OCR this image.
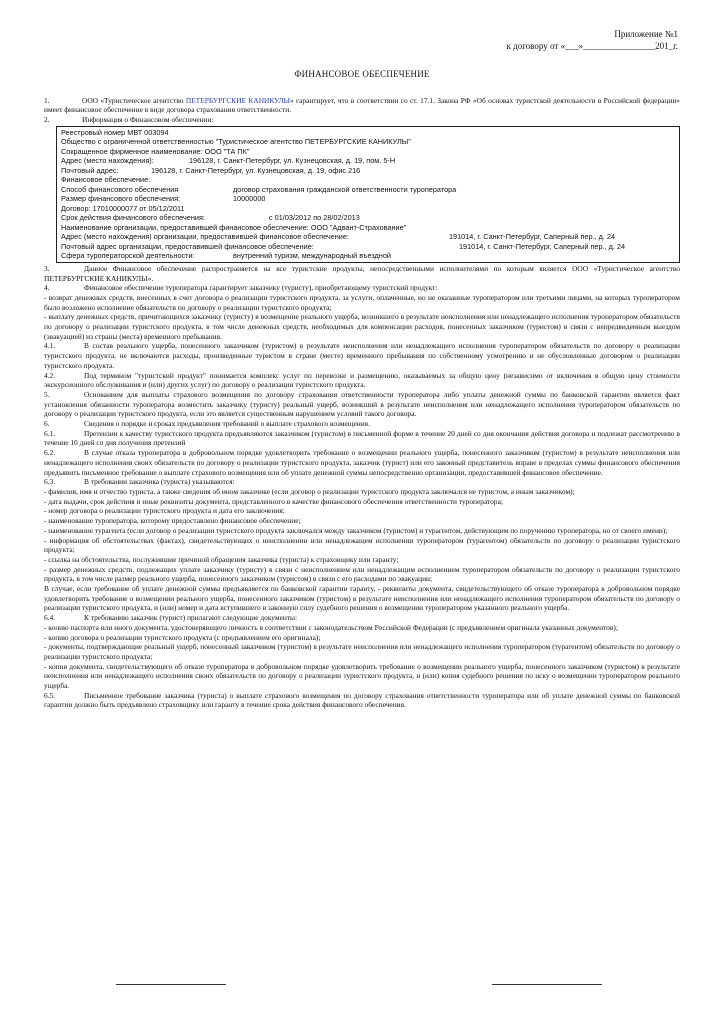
Приложение №1
к договору от «___»________________201_г.
ФИНАНСОВОЕ ОБЕСПЕЧЕНИЕ
1.	ООО «Туристическое агентство ПЕТЕРБУРГСКИЕ КАНИКУЛЫ» гарантирует, что в соответствии со ст. 17.1. Закона РФ «Об основах туристской деятельности в Российской федерации» имеет финансовое обеспечение в виде договора страхования ответственности.
2.	Информация о Финансовом обеспечении:
Реестровый номер МВТ 003094
Общество с ограниченной ответственностью "Туристическое агентство ПЕТЕРБУРГСКИЕ КАНИКУЛЫ"
Сокращенное фирменное наименование: ООО "ТА ПК"
Адрес (место нахождения):	196128, г. Санкт-Петербург, ул. Кузнецовская, д. 19, пом. 5-Н
Почтовый адрес:	196128, г. Санкт-Петербург, ул. Кузнецовская, д. 19, офис 216
Финансовое обеспечение:
Способ финансового обеспечения	договор страхования гражданской ответственности туроператора
Размер финансового обеспечения:	10000000
Договор: 17010000077 от 05/12/2011
Срок действия финансового обеспечения:	с 01/03/2012 по 28/02/2013
Наименование организации, предоставившей финансовое обеспечение: ООО "Адвант-Страхование"
Адрес (место нахождения) организации, предоставившей финансовое обеспечение:	191014, г. Санкт-Петербург, Саперный пер., д. 24
Почтовый адрес организации, предоставившей финансовое обеспечение:	191014, г. Санкт-Петербург, Саперный пер., д. 24
Сфера туроператорской деятельности:	внутренний туризм, международный въездной
3.	Данное Финансовое обеспечение распространяется на все туристские продукты, непосредственными исполнителями по которым является ООО «Туристическое агентство ПЕТЕРБУРГСКИЕ КАНИКУЛЫ».
4.	Финансовое обеспечение туроператора гарантирует заказчику (туристу), приобретающему туристский продукт:
- возврат денежных средств, внесенных в счет договора о реализации туристского продукта, за услуги, оплаченные, но не оказанные туроператором или третьими лицами, на которых туроператором было возложено исполнение обязательств по договору о реализации туристского продукта;
- выплату денежных средств, причитающихся заказчику (туристу) в возмещение реального ущерба, возникшего в результате неисполнения или ненадлежащего исполнения туроператором обязательств по договору о реализации туристского продукта, в том числе денежных средств, необходимых для компенсации расходов, понесенных заказчиком (туристом) в связи с непредвиденным выездом (эвакуацией) из страны (места) временного пребывания.
4.1.	В состав реального ущерба, понесенного заказчиком (туристом) в результате неисполнения или ненадлежащего исполнения туроператором обязательств по договору о реализации туристского продукта, не включаются расходы, произведенные туристом в стране (месте) временного пребывания по собственному усмотрению и не обусловленные договором о реализации туристского продукта.
4.2.	Под термином "туристский продукт" понимается комплекс услуг по перевозке и размещению, оказываемых за общую цену (независимо от включения в общую цену стоимости экскурсионного обслуживания и (или) других услуг) по договору о реализации туристского продукта.
5.	Основанием для выплаты страхового возмещения по договору страхования ответственности туроператора либо уплаты денежной суммы по банковской гарантии является факт установления обязанности туроператора возместить заказчику (туристу) реальный ущерб, возникший в результате неисполнения или ненадлежащего исполнения туроператором обязательств по договору о реализации туристского продукта, если это является существенным нарушением условий такого договора.
6.	Сведения о порядке и сроках предъявления требований о выплате страхового возмещения.
6.1.	Претензии к качеству туристского продукта предъявляются заказчиком (туристом) в письменной форме в течение 20 дней со дня окончания действия договора и подлежат рассмотрению в течение 10 дней со дня получения претензий
6.2.	В случае отказа туроператора в добровольном порядке удовлетворить требование о возмещении реального ущерба, понесенного заказчиком (туристом) в результате неисполнения или ненадлежащего исполнения своих обязательств по договору о реализации туристского продукта, заказчик (турист) или его законный представитель вправе в пределах суммы финансового обеспечения предъявить письменное требование о выплате страхового возмещения или об уплате денежной суммы непосредственно организации, предоставившей финансовое обеспечение.
6.3.	В требовании заказчика (туриста) указываются:
- фамилия, имя и отчество туриста, а также сведения об ином заказчике (если договор о реализации туристского продукта заключался не туристом, а иным заказчиком);
- дата выдачи, срок действия и иные реквизиты документа, представленного в качестве финансового обеспечения ответственности туроператора;
- номер договора о реализации туристского продукта и дата его заключения;
- наименование туроператора, которому предоставлено финансовое обеспечение;
- наименование турагента (если договор о реализации туристского продукта заключался между заказчиком (туристом) и турагентом, действующим по поручению туроператора, но от своего имени);
- информация об обстоятельствах (фактах), свидетельствующих о неисполнении или ненадлежащем исполнении туроператором (турагентом) обязательств по договору о реализации туристского продукта;
- ссылка на обстоятельства, послужившие причиной обращения заказчика (туриста) к страховщику или гаранту;
- размер денежных средств, подлежащих уплате заказчику (туристу) в связи с неисполнением или ненадлежащим исполнением туроператором обязательств по договору о реализации туристского продукта, в том числе размер реального ущерба, понесенного заказчиком (туристом) в связи с его расходами по эвакуации;
В случае, если требование об уплате денежной суммы предъявляется по банковской гарантии гаранту, - реквизиты документа, свидетельствующего об отказе туроператора в добровольном порядке удовлетворить требование о возмещении реального ущерба, понесенного заказчиком (туристом) в результате неисполнения или ненадлежащего исполнения туроператором обязательств по договору о реализации туристского продукта, и (или) номер и дата вступившего в законную силу судебного решения о возмещении туроператором указанного реального ущерба.
6.4.	К требованию заказчик (турист) прилагают следующие документы:
- копию паспорта или иного документа, удостоверяющего личность в соответствии с законодательством Российской Федерации (с предъявлением оригинала указанных документов);
- копию договора о реализации туристского продукта (с предъявлением его оригинала);
- документы, подтверждающие реальный ущерб, понесенный заказчиком (туристом) в результате неисполнения или ненадлежащего исполнения туроператором (турагентом) обязательств по договору о реализации туристского продукта;
- копия документа, свидетельствующего об отказе туроператора в добровольном порядке удовлетворить требование о возмещении реального ущерба, понесенного заказчиком (туристом) в результате неисполнения или ненадлежащего исполнения своих обязательств по договору о реализации туристского продукта, и (или) копия судебного решения по иску о возмещении туроператором реального ущерба.
6.5.	Письменное требование заказчика (туриста) о выплате страхового возмещения по договору страхования ответственности туроператора или об уплате денежной суммы по банковской гарантии должно быть предъявлено страховщику или гаранту в течение срока действия финансового обеспечения.
